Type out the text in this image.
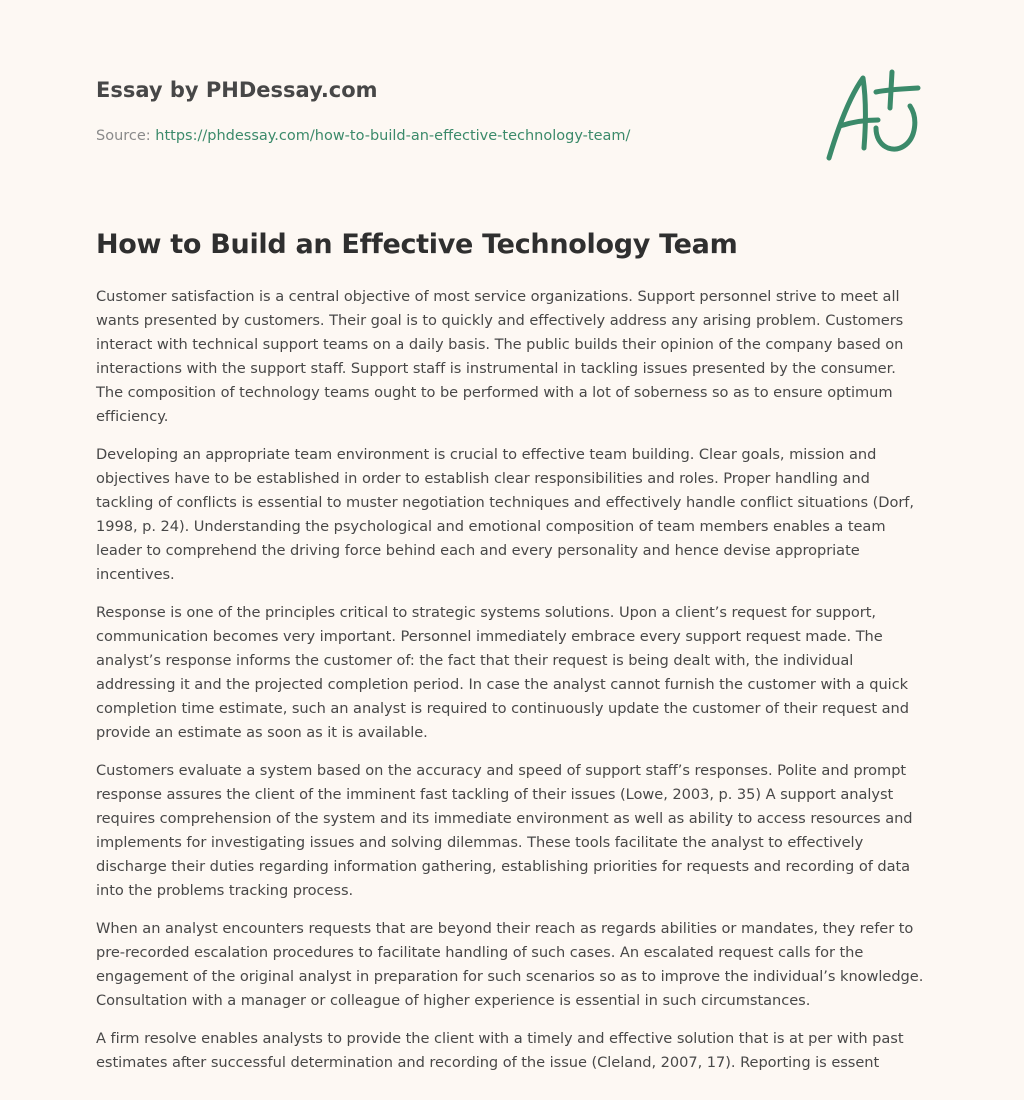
Essay by PHDessay.com
Source: https://phdessay.com/how-to-build-an-effective-technology-team/
How to Build an Effective Technology Team

Customer satisfaction is a central objective of most service organizations. Support personnel strive to meet all wants presented by customers. Their goal is to quickly and effectively address any arising problem. Customers interact with technical support teams on a daily basis. The public builds their opinion of the company based on interactions with the support staff. Support staff is instrumental in tackling issues presented by the consumer. The composition of technology teams ought to be performed with a lot of soberness so as to ensure optimum efficiency.

Developing an appropriate team environment is crucial to effective team building. Clear goals, mission and objectives have to be established in order to establish clear responsibilities and roles. Proper handling and tackling of conflicts is essential to muster negotiation techniques and effectively handle conflict situations (Dorf, 1998, p. 24). Understanding the psychological and emotional composition of team members enables a team leader to comprehend the driving force behind each and every personality and hence devise appropriate incentives.

Response is one of the principles critical to strategic systems solutions. Upon a client’s request for support, communication becomes very important. Personnel immediately embrace every support request made. The analyst’s response informs the customer of: the fact that their request is being dealt with, the individual addressing it and the projected completion period. In case the analyst cannot furnish the customer with a quick completion time estimate, such an analyst is required to continuously update the customer of their request and provide an estimate as soon as it is available.

Customers evaluate a system based on the accuracy and speed of support staff’s responses. Polite and prompt response assures the client of the imminent fast tackling of their issues (Lowe, 2003, p. 35) A support analyst requires comprehension of the system and its immediate environment as well as ability to access resources and implements for investigating issues and solving dilemmas. These tools facilitate the analyst to effectively discharge their duties regarding information gathering, establishing priorities for requests and recording of data into the problems tracking process.

When an analyst encounters requests that are beyond their reach as regards abilities or mandates, they refer to pre-recorded escalation procedures to facilitate handling of such cases. An escalated request calls for the engagement of the original analyst in preparation for such scenarios so as to improve the individual’s knowledge. Consultation with a manager or colleague of higher experience is essential in such circumstances.

A firm resolve enables analysts to provide the client with a timely and effective solution that is at per with past estimates after successful determination and recording of the issue (Cleland, 2007, 17). Reporting is essent
